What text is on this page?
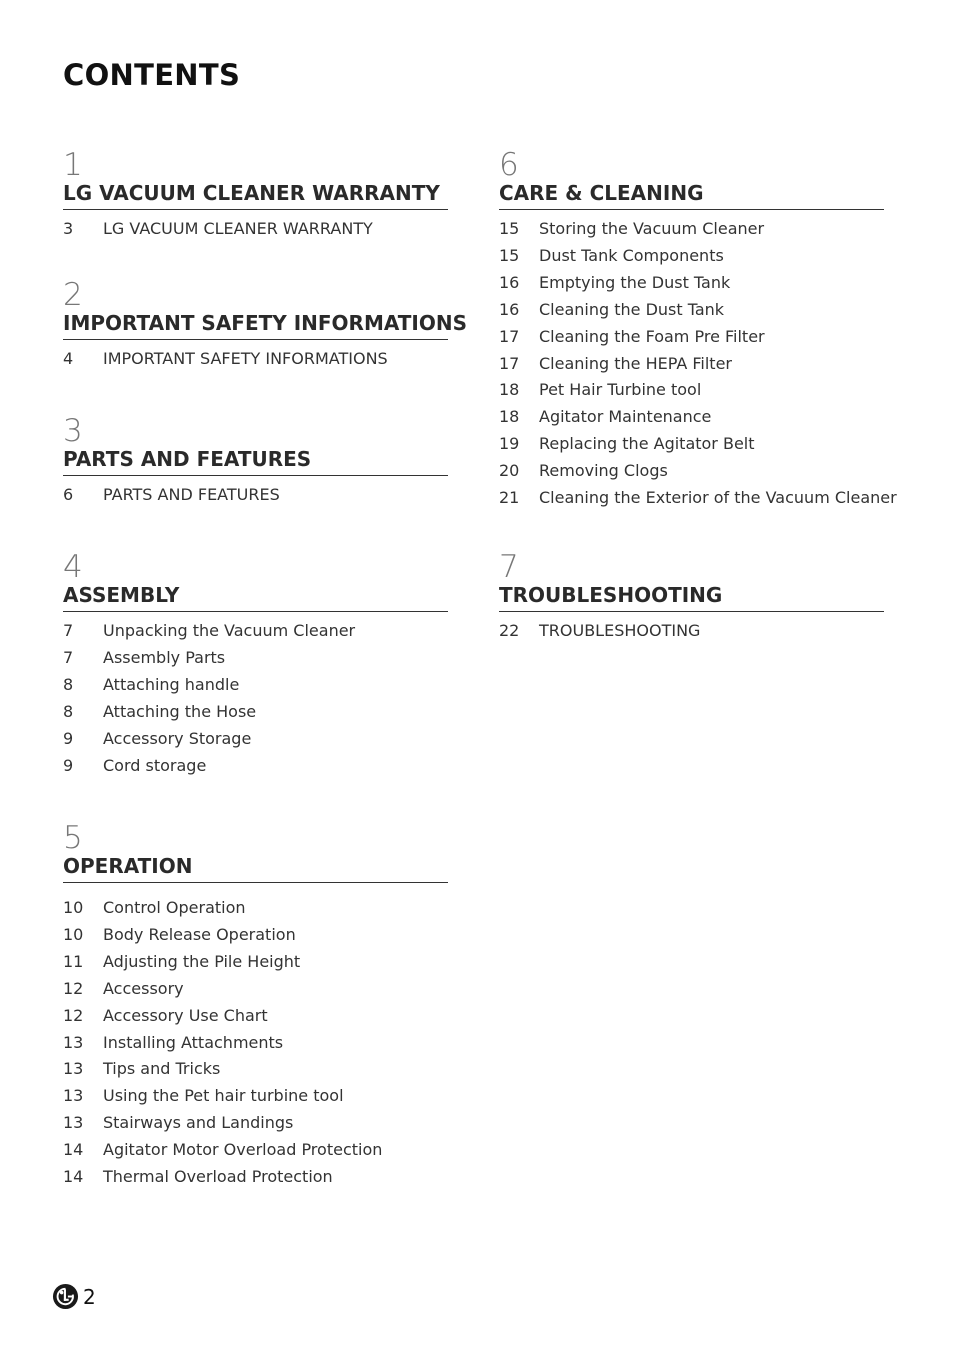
CONTENTS
1
LG VACUUM CLEANER WARRANTY
3	LG VACUUM CLEANER WARRANTY
2
IMPORTANT SAFETY INFORMATIONS
4	IMPORTANT SAFETY INFORMATIONS
3
PARTS AND FEATURES
6	PARTS AND FEATURES
4
ASSEMBLY
7	Unpacking the Vacuum Cleaner
7	Assembly Parts
8	Attaching handle
8	Attaching the Hose
9	Accessory Storage
9	Cord storage
5
OPERATION
10	Control Operation
10	Body Release Operation
11	Adjusting the Pile Height
12	Accessory
12	Accessory Use Chart
13	Installing Attachments
13	Tips and Tricks
13	Using the Pet hair turbine tool
13	Stairways and Landings
14	Agitator Motor Overload Protection
14	Thermal Overload Protection
6
CARE & CLEANING
15	Storing the Vacuum Cleaner
15	Dust Tank Components
16	Emptying the Dust Tank
16	Cleaning the Dust Tank
17	Cleaning the Foam Pre Filter
17	Cleaning the HEPA Filter
18	Pet Hair Turbine tool
18	Agitator Maintenance
19	Replacing the Agitator Belt
20	Removing Clogs
21	Cleaning the Exterior of the Vacuum Cleaner
7
TROUBLESHOOTING
22	TROUBLESHOOTING
2
